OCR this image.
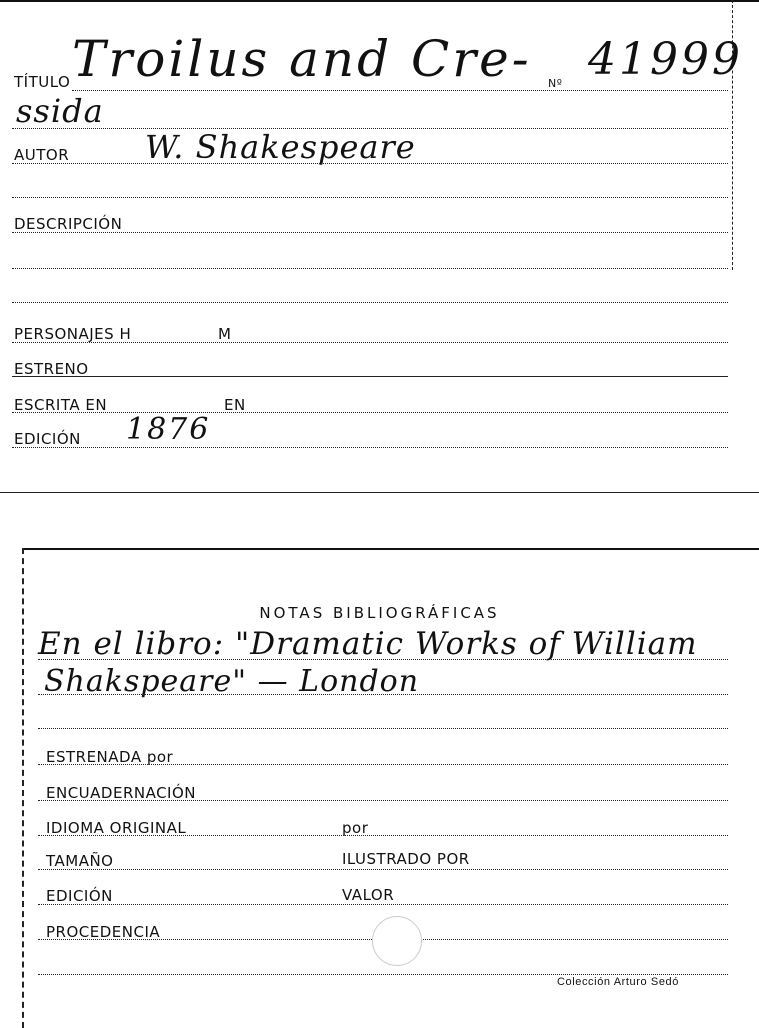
TÍTULO Troilus and Cre- Nº 41999
ssida
AUTOR W. Shakespeare
DESCRIPCIÓN
PERSONAJES H	M
ESTRENO
ESCRITA EN	EN
EDICIÓN 1876
NOTAS BIBLIOGRÁFICAS
En el libro: "Dramatic Works of William
Shakspeare" — London
ESTRENADA por
ENCUADERNACIÓN
IDIOMA ORIGINAL	por
TAMAÑO	ILUSTRADO POR
EDICIÓN	VALOR
PROCEDENCIA
Colección Arturo Sedó
